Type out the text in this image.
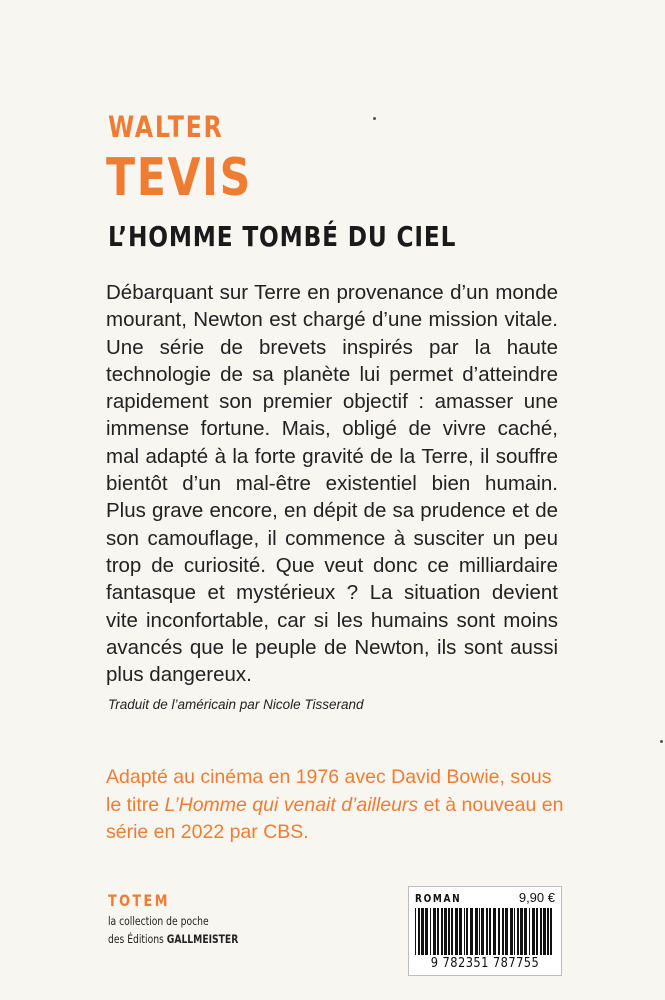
WALTER
TEVIS
L’HOMME TOMBÉ DU CIEL

Débarquant sur Terre en provenance d’un monde mourant, Newton est chargé d’une mission vitale. Une série de brevets inspirés par la haute technologie de sa planète lui permet d’atteindre rapidement son premier objectif : amasser une immense fortune. Mais, obligé de vivre caché, mal adapté à la forte gravité de la Terre, il souffre bientôt d’un mal-être existentiel bien humain. Plus grave encore, en dépit de sa prudence et de son camouflage, il commence à susciter un peu trop de curiosité. Que veut donc ce milliardaire fantasque et mystérieux ? La situation devient vite inconfortable, car si les humains sont moins avancés que le peuple de Newton, ils sont aussi plus dangereux.

Traduit de l’américain par Nicole Tisserand

Adapté au cinéma en 1976 avec David Bowie, sous le titre L’Homme qui venait d’ailleurs et à nouveau en série en 2022 par CBS.

TOTEM
la collection de poche
des Éditions GALLMEISTER
ROMAN	9,90 €
9 782351 787755
